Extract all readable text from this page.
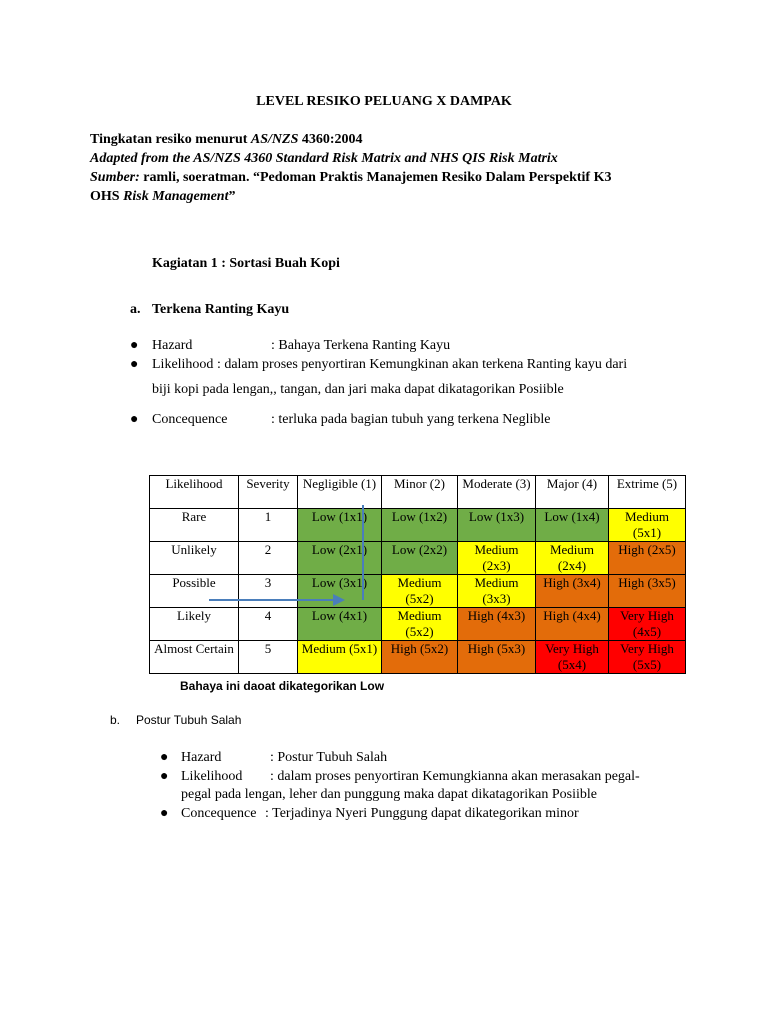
LEVEL RESIKO PELUANG X DAMPAK
Tingkatan resiko menurut AS/NZS 4360:2004
Adapted from the AS/NZS 4360 Standard Risk Matrix and NHS QIS Risk Matrix
Sumber: ramli, soeratman. “Pedoman Praktis Manajemen Resiko Dalam Perspektif K3
OHS Risk Management”
Kagiatan 1 : Sortasi Buah Kopi
a. Terkena Ranting Kayu
● Hazard	: Bahaya Terkena Ranting Kayu
● Likelihood : dalam proses penyortiran Kemungkinan akan terkena Ranting kayu dari
biji kopi pada lengan,, tangan, dan jari maka dapat dikatagorikan Posiible
● Concequence	: terluka pada bagian tubuh yang terkena Neglible
Likelihood	Severity	Negligible (1)	Minor (2)	Moderate (3)	Major (4)	Extrime (5)
Rare	1	Low (1x1)	Low (1x2)	Low (1x3)	Low (1x4)	Medium (5x1)
Unlikely	2	Low (2x1)	Low (2x2)	Medium (2x3)	Medium (2x4)	High (2x5)
Possible	3	Low (3x1)	Medium (5x2)	Medium (3x3)	High (3x4)	High (3x5)
Likely	4	Low (4x1)	Medium (5x2)	High (4x3)	High (4x4)	Very High (4x5)
Almost Certain	5	Medium (5x1)	High (5x2)	High (5x3)	Very High (5x4)	Very High (5x5)
Bahaya ini daoat dikategorikan Low
b. Postur Tubuh Salah
● Hazard	: Postur Tubuh Salah
● Likelihood : dalam proses penyortiran Kemungkianna akan merasakan pegal-
pegal pada lengan, leher dan punggung maka dapat dikatagorikan Posiible
● Concequence : Terjadinya Nyeri Punggung dapat dikategorikan minor
